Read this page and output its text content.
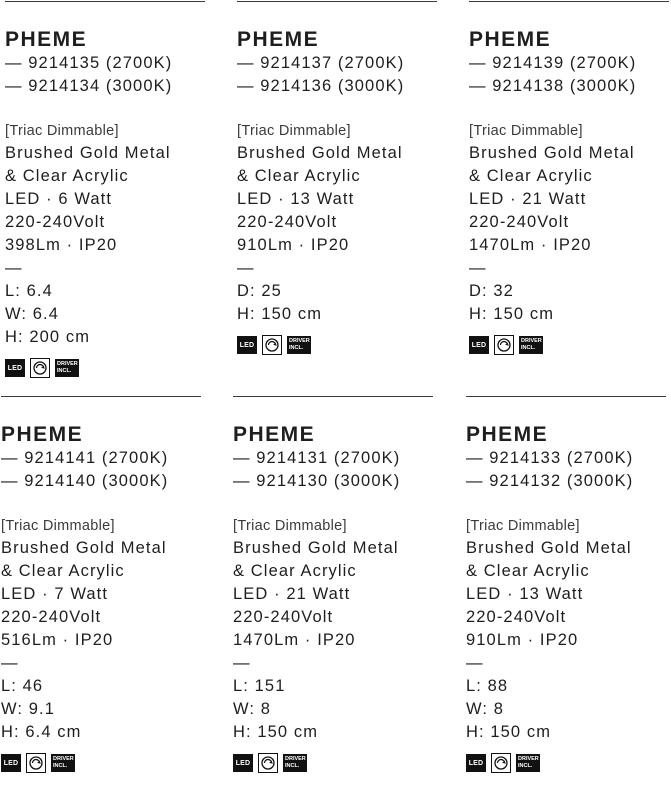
PHEME
— 9214135 (2700K)
— 9214134 (3000K)
[Triac Dimmable]
Brushed Gold Metal
& Clear Acrylic
LED · 6 Watt
220-240Volt
398Lm · IP20
—
L: 6.4
W: 6.4
H: 200 cm
LED
DRIVER
INCL.
PHEME
— 9214137 (2700K)
— 9214136 (3000K)
[Triac Dimmable]
Brushed Gold Metal
& Clear Acrylic
LED · 13 Watt
220-240Volt
910Lm · IP20
—
D: 25
H: 150 cm
LED
DRIVER
INCL.
PHEME
— 9214139 (2700K)
— 9214138 (3000K)
[Triac Dimmable]
Brushed Gold Metal
& Clear Acrylic
LED · 21 Watt
220-240Volt
1470Lm · IP20
—
D: 32
H: 150 cm
LED
DRIVER
INCL.
PHEME
— 9214141 (2700K)
— 9214140 (3000K)
[Triac Dimmable]
Brushed Gold Metal
& Clear Acrylic
LED · 7 Watt
220-240Volt
516Lm · IP20
—
L: 46
W: 9.1
H: 6.4 cm
LED
DRIVER
INCL.
PHEME
— 9214131 (2700K)
— 9214130 (3000K)
[Triac Dimmable]
Brushed Gold Metal
& Clear Acrylic
LED · 21 Watt
220-240Volt
1470Lm · IP20
—
L: 151
W: 8
H: 150 cm
LED
DRIVER
INCL.
PHEME
— 9214133 (2700K)
— 9214132 (3000K)
[Triac Dimmable]
Brushed Gold Metal
& Clear Acrylic
LED · 13 Watt
220-240Volt
910Lm · IP20
—
L: 88
W: 8
H: 150 cm
LED
DRIVER
INCL.
